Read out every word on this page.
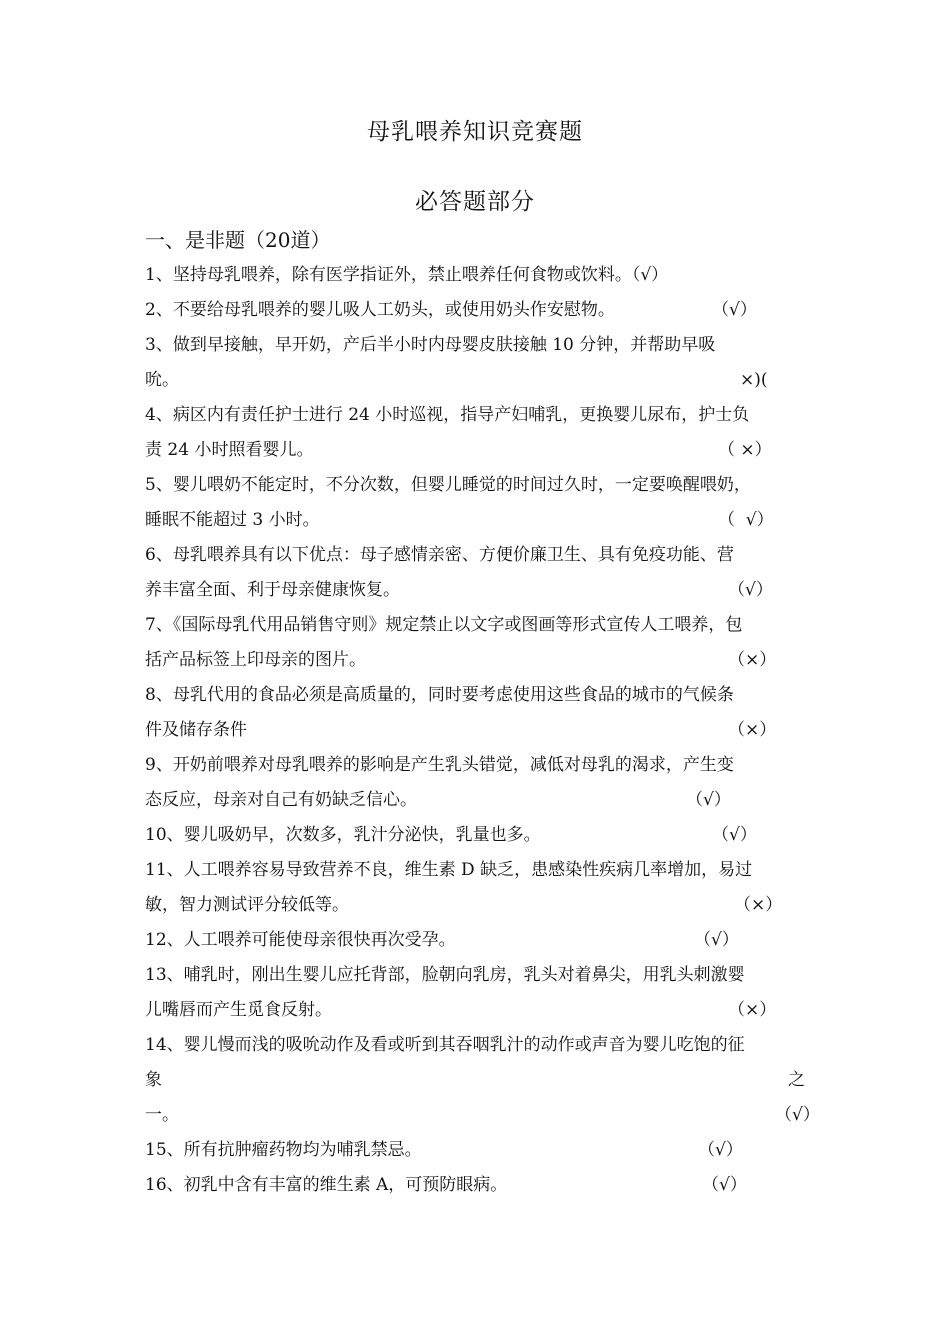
母乳喂养知识竞赛题
必答题部分
一、是非题（20道）
1、坚持母乳喂养，除有医学指证外，禁止喂养任何食物或饮料。（√）
2、不要给母乳喂养的婴儿吸人工奶头，或使用奶头作安慰物。
3、做到早接触，早开奶，产后半小时内母婴皮肤接触 10 分钟，并帮助早吸
吮。
4、病区内有责任护士进行 24 小时巡视，指导产妇哺乳，更换婴儿尿布，护士负
责 24 小时照看婴儿。
5、婴儿喂奶不能定时，不分次数，但婴儿睡觉的时间过久时，一定要唤醒喂奶，
睡眠不能超过 3 小时。
6、母乳喂养具有以下优点：母子感情亲密、方便价廉卫生、具有免疫功能、营
养丰富全面、利于母亲健康恢复。
7、《国际母乳代用品销售守则》规定禁止以文字或图画等形式宣传人工喂养，包
括产品标签上印母亲的图片。
8、母乳代用的食品必须是高质量的，同时要考虑使用这些食品的城市的气候条
件及储存条件
9、开奶前喂养对母乳喂养的影响是产生乳头错觉，减低对母乳的渴求，产生变
态反应，母亲对自己有奶缺乏信心。
10、婴儿吸奶早，次数多，乳汁分泌快，乳量也多。
11、人工喂养容易导致营养不良，维生素 D 缺乏，患感染性疾病几率增加，易过
敏，智力测试评分较低等。
12、人工喂养可能使母亲很快再次受孕。
13、哺乳时，刚出生婴儿应托背部，脸朝向乳房，乳头对着鼻尖，用乳头刺激婴
儿嘴唇而产生觅食反射。
14、婴儿慢而浅的吸吮动作及看或听到其吞咽乳汁的动作或声音为婴儿吃饱的征
象
一。
15、所有抗肿瘤药物均为哺乳禁忌。
16、初乳中含有丰富的维生素 A，可预防眼病。
（√）
×)(
（ ×）
（  √）
（√）
（×）
（×）
（√）
（√）
（×）
（√）
（×）
之
（√）
（√）
（√）
